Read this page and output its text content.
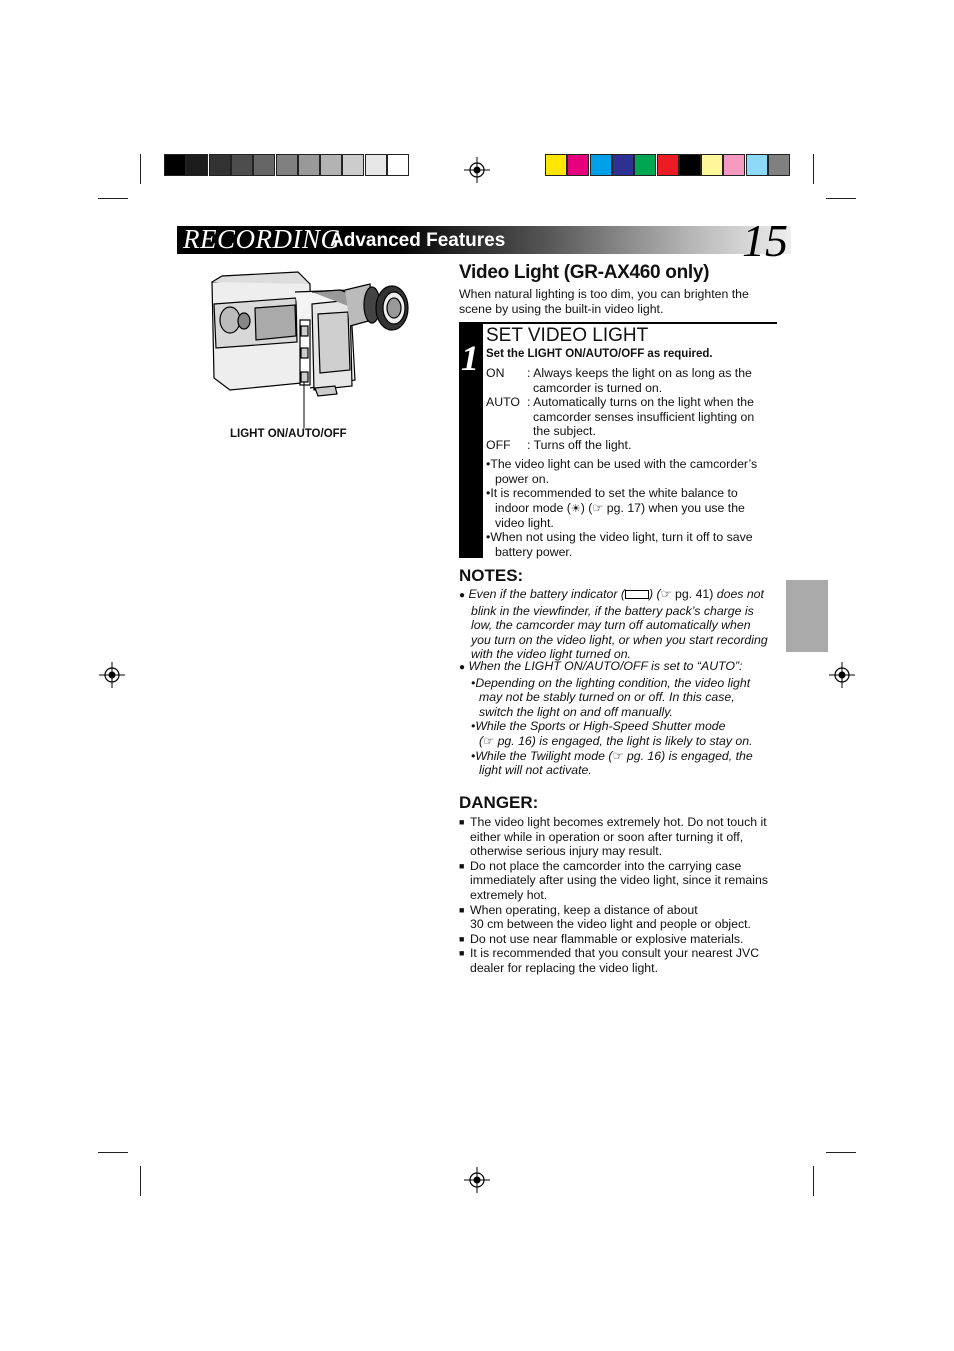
RECORDING
Advanced Features	15
LIGHT ON/AUTO/OFF
Video Light (GR-AX460 only)
When natural lighting is too dim, you can brighten the scene by using the built-in video light.
1
SET VIDEO LIGHT
Set the LIGHT ON/AUTO/OFF as required.
ON : Always keeps the light on as long as the
camcorder is turned on.
AUTO : Automatically turns on the light when the
camcorder senses insufficient lighting on
the subject.
OFF : Turns off the light.
•The video light can be used with the camcorder’s
power on.
•It is recommended to set the white balance to
indoor mode (☀) (☞ pg. 17) when you use the
video light.
•When not using the video light, turn it off to save
battery power.
NOTES:
● Even if the battery indicator ( ) (☞ pg. 41) does not
blink in the viewfinder, if the battery pack’s charge is
low, the camcorder may turn off automatically when
you turn on the video light, or when you start recording
with the video light turned on.
● When the LIGHT ON/AUTO/OFF is set to “AUTO”:
•Depending on the lighting condition, the video light
may not be stably turned on or off. In this case,
switch the light on and off manually.
•While the Sports or High-Speed Shutter mode
(☞ pg. 16) is engaged, the light is likely to stay on.
•While the Twilight mode (☞ pg. 16) is engaged, the
light will not activate.
DANGER:
■ The video light becomes extremely hot. Do not touch it
either while in operation or soon after turning it off,
otherwise serious injury may result.
■ Do not place the camcorder into the carrying case
immediately after using the video light, since it remains
extremely hot.
■ When operating, keep a distance of about
30 cm between the video light and people or object.
■ Do not use near flammable or explosive materials.
■ It is recommended that you consult your nearest JVC
dealer for replacing the video light.
